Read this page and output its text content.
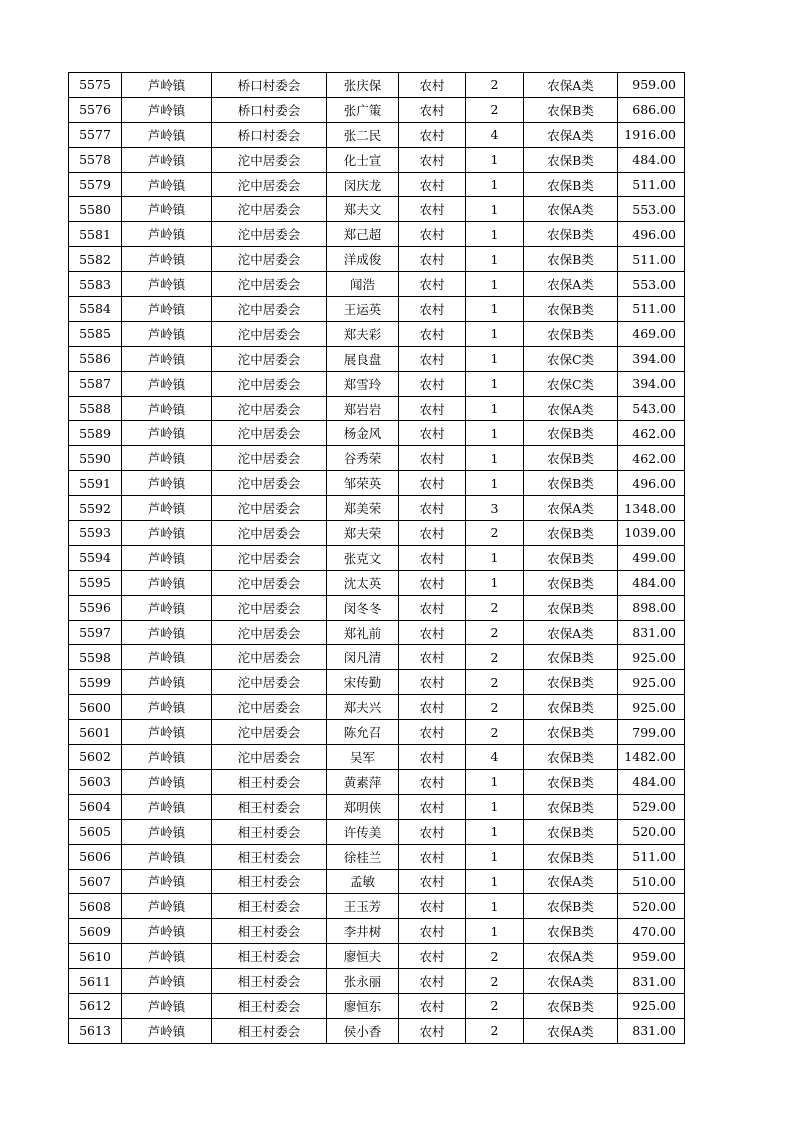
5575	芦岭镇	桥口村委会	张庆保	农村	2	农保A类	959.00
5576	芦岭镇	桥口村委会	张广策	农村	2	农保B类	686.00
5577	芦岭镇	桥口村委会	张二民	农村	4	农保A类	1916.00
5578	芦岭镇	沱中居委会	化士宣	农村	1	农保B类	484.00
5579	芦岭镇	沱中居委会	闵庆龙	农村	1	农保B类	511.00
5580	芦岭镇	沱中居委会	郑夫文	农村	1	农保A类	553.00
5581	芦岭镇	沱中居委会	郑己超	农村	1	农保B类	496.00
5582	芦岭镇	沱中居委会	洋成俊	农村	1	农保B类	511.00
5583	芦岭镇	沱中居委会	闻浩	农村	1	农保A类	553.00
5584	芦岭镇	沱中居委会	王运英	农村	1	农保B类	511.00
5585	芦岭镇	沱中居委会	郑夫彩	农村	1	农保B类	469.00
5586	芦岭镇	沱中居委会	展良盘	农村	1	农保C类	394.00
5587	芦岭镇	沱中居委会	郑雪玲	农村	1	农保C类	394.00
5588	芦岭镇	沱中居委会	郑岩岩	农村	1	农保A类	543.00
5589	芦岭镇	沱中居委会	杨金风	农村	1	农保B类	462.00
5590	芦岭镇	沱中居委会	谷秀荣	农村	1	农保B类	462.00
5591	芦岭镇	沱中居委会	邹荣英	农村	1	农保B类	496.00
5592	芦岭镇	沱中居委会	郑美荣	农村	3	农保A类	1348.00
5593	芦岭镇	沱中居委会	郑夫荣	农村	2	农保B类	1039.00
5594	芦岭镇	沱中居委会	张克文	农村	1	农保B类	499.00
5595	芦岭镇	沱中居委会	沈太英	农村	1	农保B类	484.00
5596	芦岭镇	沱中居委会	闵冬冬	农村	2	农保B类	898.00
5597	芦岭镇	沱中居委会	郑礼前	农村	2	农保A类	831.00
5598	芦岭镇	沱中居委会	闵凡清	农村	2	农保B类	925.00
5599	芦岭镇	沱中居委会	宋传勤	农村	2	农保B类	925.00
5600	芦岭镇	沱中居委会	郑夫兴	农村	2	农保B类	925.00
5601	芦岭镇	沱中居委会	陈允召	农村	2	农保B类	799.00
5602	芦岭镇	沱中居委会	吴军	农村	4	农保B类	1482.00
5603	芦岭镇	相王村委会	黄素萍	农村	1	农保B类	484.00
5604	芦岭镇	相王村委会	郑明侠	农村	1	农保B类	529.00
5605	芦岭镇	相王村委会	许传美	农村	1	农保B类	520.00
5606	芦岭镇	相王村委会	徐桂兰	农村	1	农保B类	511.00
5607	芦岭镇	相王村委会	孟敏	农村	1	农保A类	510.00
5608	芦岭镇	相王村委会	王玉芳	农村	1	农保B类	520.00
5609	芦岭镇	相王村委会	李井树	农村	1	农保B类	470.00
5610	芦岭镇	相王村委会	廖恒夫	农村	2	农保A类	959.00
5611	芦岭镇	相王村委会	张永丽	农村	2	农保A类	831.00
5612	芦岭镇	相王村委会	廖恒东	农村	2	农保B类	925.00
5613	芦岭镇	相王村委会	侯小香	农村	2	农保A类	831.00
